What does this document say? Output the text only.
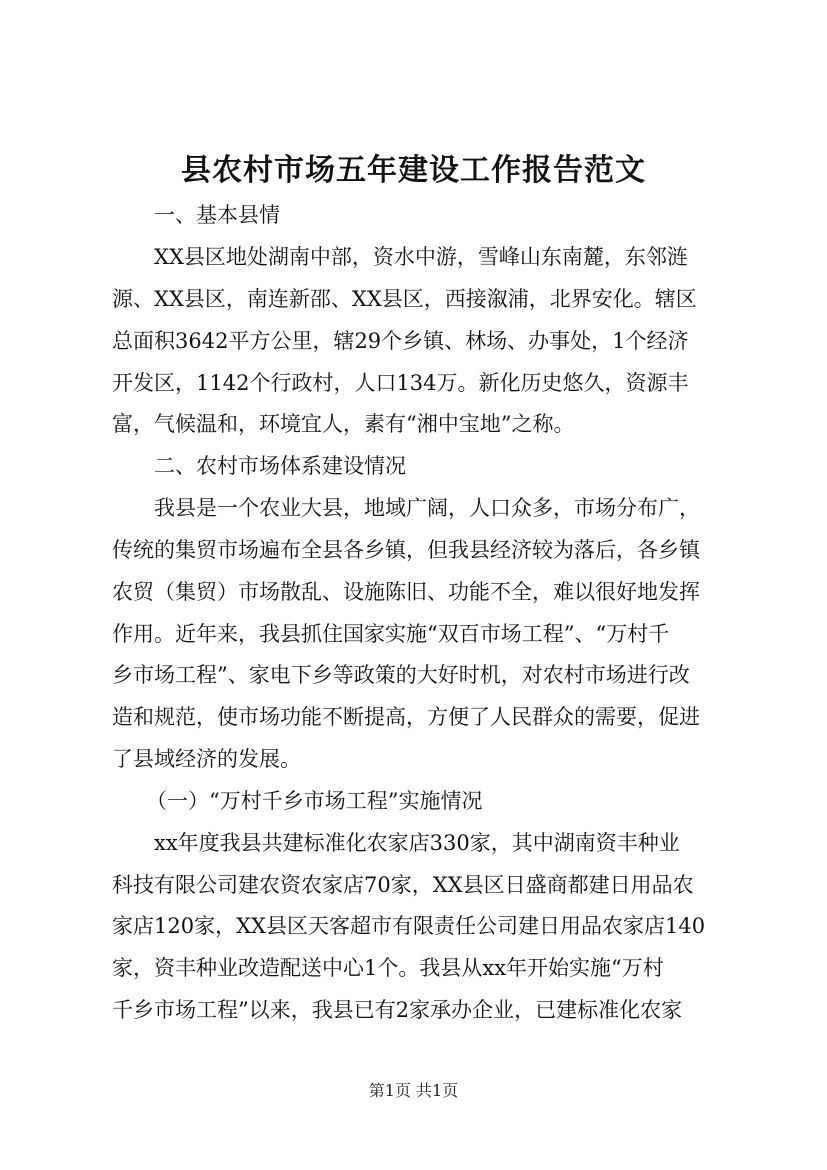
县农村市场五年建设工作报告范文
一、基本县情
XX县区地处湖南中部，资水中游，雪峰山东南麓，东邻涟
源、XX县区，南连新邵、XX县区，西接溆浦，北界安化。辖区
总面积3642平方公里，辖29个乡镇、林场、办事处，1个经济
开发区，1142个行政村，人口134万。新化历史悠久，资源丰
富，气候温和，环境宜人，素有“湘中宝地”之称。
二、农村市场体系建设情况
我县是一个农业大县，地域广阔，人口众多，市场分布广，
传统的集贸市场遍布全县各乡镇，但我县经济较为落后，各乡镇
农贸（集贸）市场散乱、设施陈旧、功能不全，难以很好地发挥
作用。近年来，我县抓住国家实施“双百市场工程”、“万村千
乡市场工程”、家电下乡等政策的大好时机，对农村市场进行改
造和规范，使市场功能不断提高，方便了人民群众的需要，促进
了县域经济的发展。
（一）“万村千乡市场工程”实施情况
xx年度我县共建标准化农家店330家，其中湖南资丰种业
科技有限公司建农资农家店70家，XX县区日盛商都建日用品农
家店120家，XX县区天客超市有限责任公司建日用品农家店140
家，资丰种业改造配送中心1个。我县从xx年开始实施“万村
千乡市场工程”以来，我县已有2家承办企业，已建标准化农家
第1页 共1页
